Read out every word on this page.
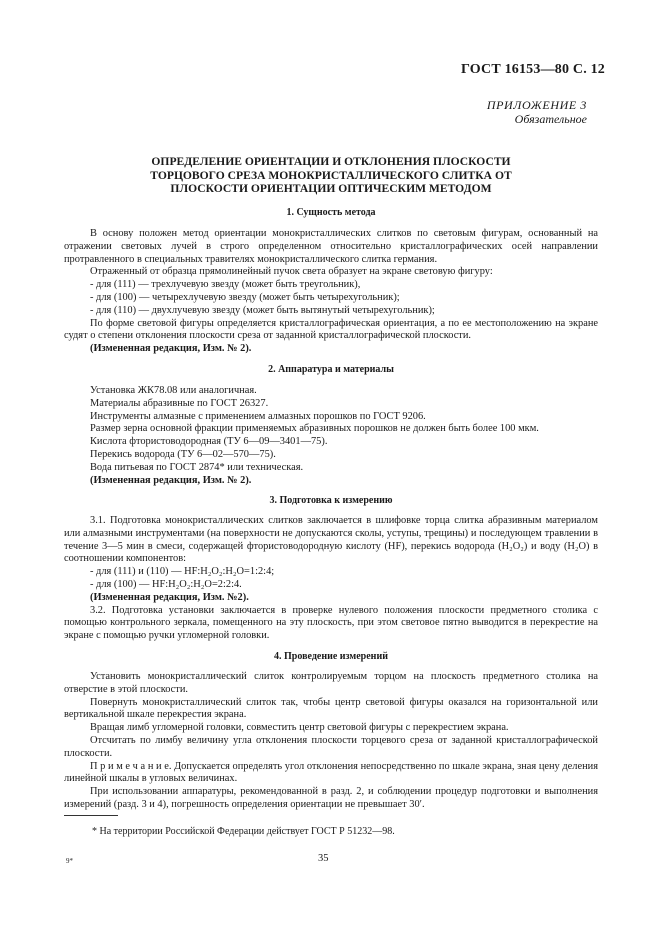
ГОСТ 16153—80 С. 12
ПРИЛОЖЕНИЕ 3
Обязательное
ОПРЕДЕЛЕНИЕ ОРИЕНТАЦИИ И ОТКЛОНЕНИЯ ПЛОСКОСТИ
ТОРЦОВОГО СРЕЗА МОНОКРИСТАЛЛИЧЕСКОГО СЛИТКА ОТ
ПЛОСКОСТИ ОРИЕНТАЦИИ ОПТИЧЕСКИМ МЕТОДОМ
1. Сущность метода

В основу положен метод ориентации монокристаллических слитков по световым фигурам, основанный на отражении световых лучей в строго определенном относительно кристаллографических осей направлении протравленного в специальных травителях монокристаллического слитка германия.

Отраженный от образца прямолинейный пучок света образует на экране световую фигуру:

- для (111) — трехлучевую звезду (может быть треугольник),

- для (100) — четырехлучевую звезду (может быть четырехугольник);

- для (110) — двухлучевую звезду (может быть вытянутый четырехугольник);

По форме световой фигуры определяется кристаллографическая ориентация, а по ее местоположению на экране судят о степени отклонения плоскости среза от заданной кристаллографической плоскости.

(Измененная редакция, Изм. № 2).

2. Аппаратура и материалы

Установка ЖК78.08 или аналогичная.

Материалы абразивные по ГОСТ 26327.

Инструменты алмазные с применением алмазных порошков по ГОСТ 9206.

Размер зерна основной фракции применяемых абразивных порошков не должен быть более 100 мкм.

Кислота фтористоводородная (ТУ 6—09—3401—75).

Перекись водорода (ТУ 6—02—570—75).

Вода питьевая по ГОСТ 2874* или техническая.

(Измененная редакция, Изм. № 2).

3. Подготовка к измерению

3.1. Подготовка монокристаллических слитков заключается в шлифовке торца слитка абразивным материалом или алмазными инструментами (на поверхности не допускаются сколы, уступы, трещины) и последующем травлении в течение 3—5 мин в смеси, содержащей фтористоводородную кислоту (HF), перекись водорода (H₂O₂) и воду (H₂O) в соотношении компонентов:

- для (111) и (110) — HF:H₂O₂:H₂O=1:2:4;

- для (100) — HF:H₂O₂:H₂O=2:2:4.

(Измененная редакция, Изм. №2).

3.2. Подготовка установки заключается в проверке нулевого положения плоскости предметного столика с помощью контрольного зеркала, помещенного на эту плоскость, при этом световое пятно выводится в перекрестие на экране с помощью ручки угломерной головки.

4. Проведение измерений

Установить монокристаллический слиток контролируемым торцом на плоскость предметного столика на отверстие в этой плоскости.

Повернуть монокристаллический слиток так, чтобы центр световой фигуры оказался на горизонтальной или вертикальной шкале перекрестия экрана.

Вращая лимб угломерной головки, совместить центр световой фигуры с перекрестием экрана.

Отсчитать по лимбу величину угла отклонения плоскости торцевого среза от заданной кристаллографической плоскости.

П р и м е ч а н и е. Допускается определять угол отклонения непосредственно по шкале экрана, зная цену деления линейной шкалы в угловых величинах.

При использовании аппаратуры, рекомендованной в разд. 2, и соблюдении процедур подготовки и выполнения измерений (разд. 3 и 4), погрешность определения ориентации не превышает 30′.

* На территории Российской Федерации действует ГОСТ Р 51232—98.
9*	35
